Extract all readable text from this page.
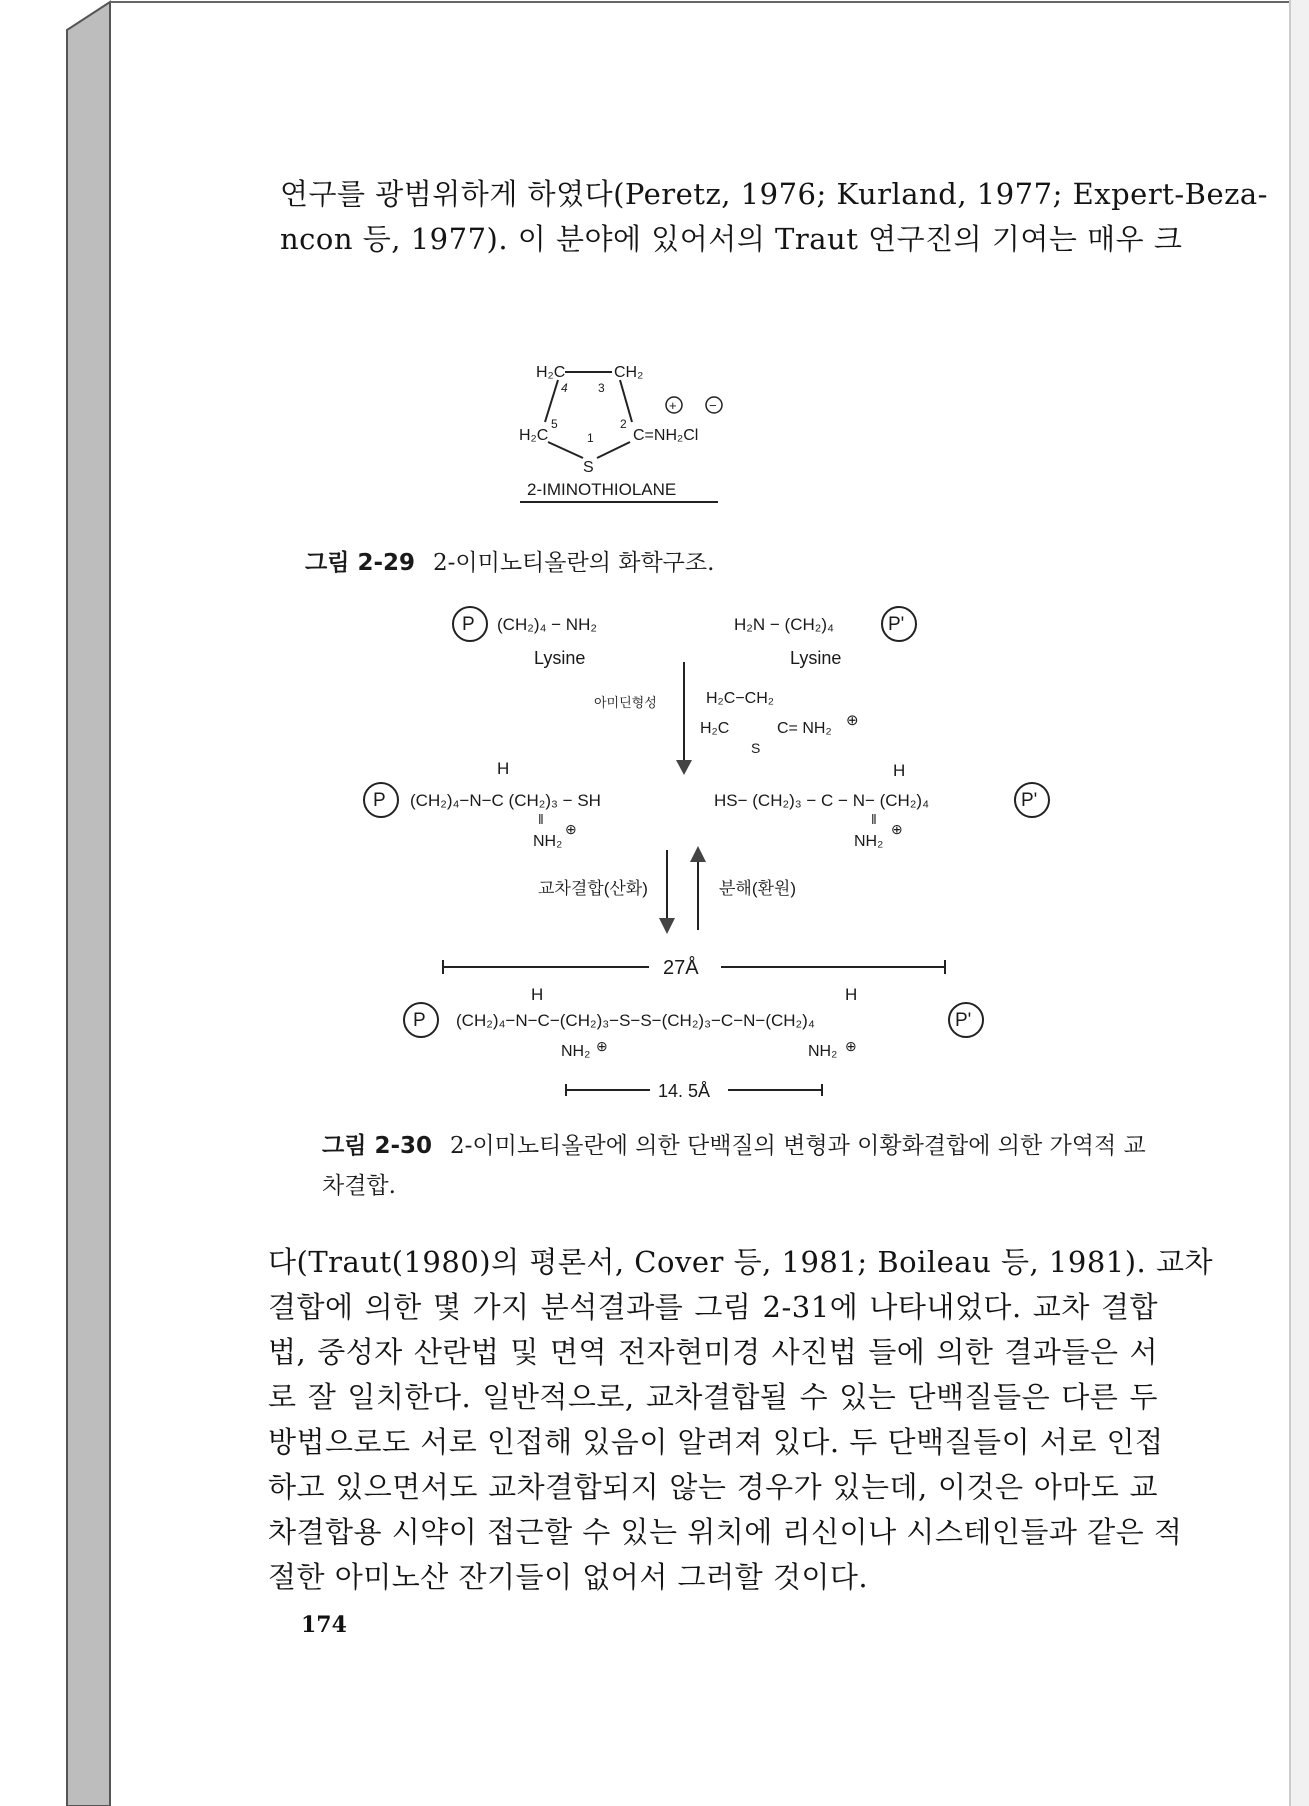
연구를 광범위하게 하였다(Peretz, 1976; Kurland, 1977; Expert-Beza-
ncon 등, 1977). 이 분야에 있어서의 Traut 연구진의 기여는 매우 크
H₂C	CH₂
H₂C	C=NH₂Cl
S
4	3
5
1
2
+ −
2-IMINOTHIOLANE
P (CH₂)₄ − NH₂
Lysine
H₂N − (CH₂)₄	P'
Lysine
아미딘형성	H₂C−CH₂
H₂C	C= NH₂
S
⊕
P
H
(CH₂)₄−N−C (CH₂)₃ − SH
‖
NH₂
⊕
HS− (CH₂)₃ − C − N− (CH₂)₄
H
‖
NH₂
⊕
P'
교차결합(산화)	분해(환원)
27Å
P
H	H
(CH₂)₄−N−C−(CH₂)₃−S−S−(CH₂)₃−C−N−(CH₂)₄
NH₂ ⊕	NH₂ ⊕
P'
14. 5Å
그림 2-29 2-이미노티올란의 화학구조.
그림 2-30 2-이미노티올란에 의한 단백질의 변형과 이황화결합에 의한 가역적 교차결합.
다(Traut(1980)의 평론서, Cover 등, 1981; Boileau 등, 1981). 교차
결합에 의한 몇 가지 분석결과를 그림 2-31에 나타내었다. 교차 결합
법, 중성자 산란법 및 면역 전자현미경 사진법 들에 의한 결과들은 서
로 잘 일치한다. 일반적으로, 교차결합될 수 있는 단백질들은 다른 두
방법으로도 서로 인접해 있음이 알려져 있다. 두 단백질들이 서로 인접
하고 있으면서도 교차결합되지 않는 경우가 있는데, 이것은 아마도 교
차결합용 시약이 접근할 수 있는 위치에 리신이나 시스테인들과 같은 적
절한 아미노산 잔기들이 없어서 그러할 것이다.
174
